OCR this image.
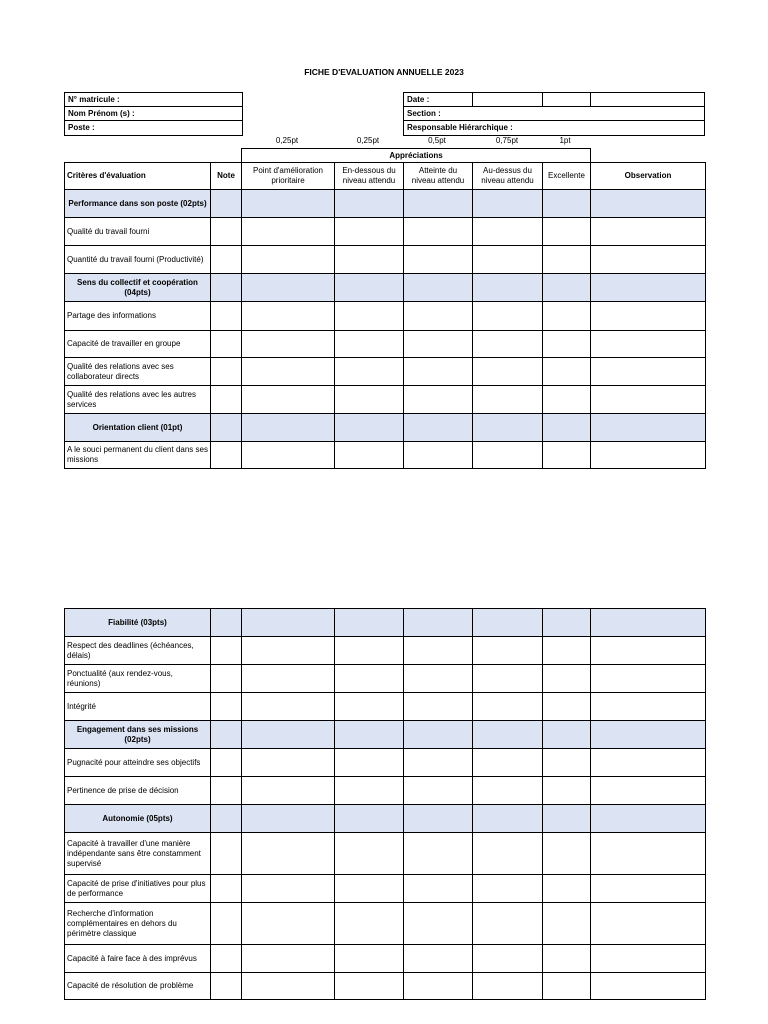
FICHE D'EVALUATION ANNUELLE 2023
N° matricule :
Nom Prénom (s) :
Poste :
Date :
Section :
Responsable Hiérarchique :
0,25pt	0,25pt	0,5pt	0,75pt	1pt
Appréciations
Critères d'évaluation	Note	Point d'amélioration prioritaire	En-dessous du niveau attendu	Atteinte du niveau attendu	Au-dessus du niveau attendu	Excellente	Observation
Performance dans son poste (02pts)							
Qualité du travail fourni							
Quantité du travail fourni (Productivité)							
Sens du collectif et coopération (04pts)							
Partage des informations							
Capacité de travailler en groupe							
Qualité des relations avec ses collaborateur directs							
Qualité des relations avec les autres services							
Orientation client (01pt)							
A le souci permanent du client dans ses missions							
Fiabilité (03pts)							
Respect des deadlines (échéances, délais)							
Ponctualité (aux rendez-vous, réunions)							
Intégrité							
Engagement dans ses missions (02pts)							
Pugnacité pour atteindre ses objectifs							
Pertinence de prise de décision							
Autonomie (05pts)							
Capacité à travailler d'une manière indépendante sans être constamment supervisé							
Capacité de prise d'initiatives pour plus de performance							
Recherche d'information complémentaires en dehors du périmètre classique							
Capacité à faire face à des imprévus							
Capacité de résolution de problème							
